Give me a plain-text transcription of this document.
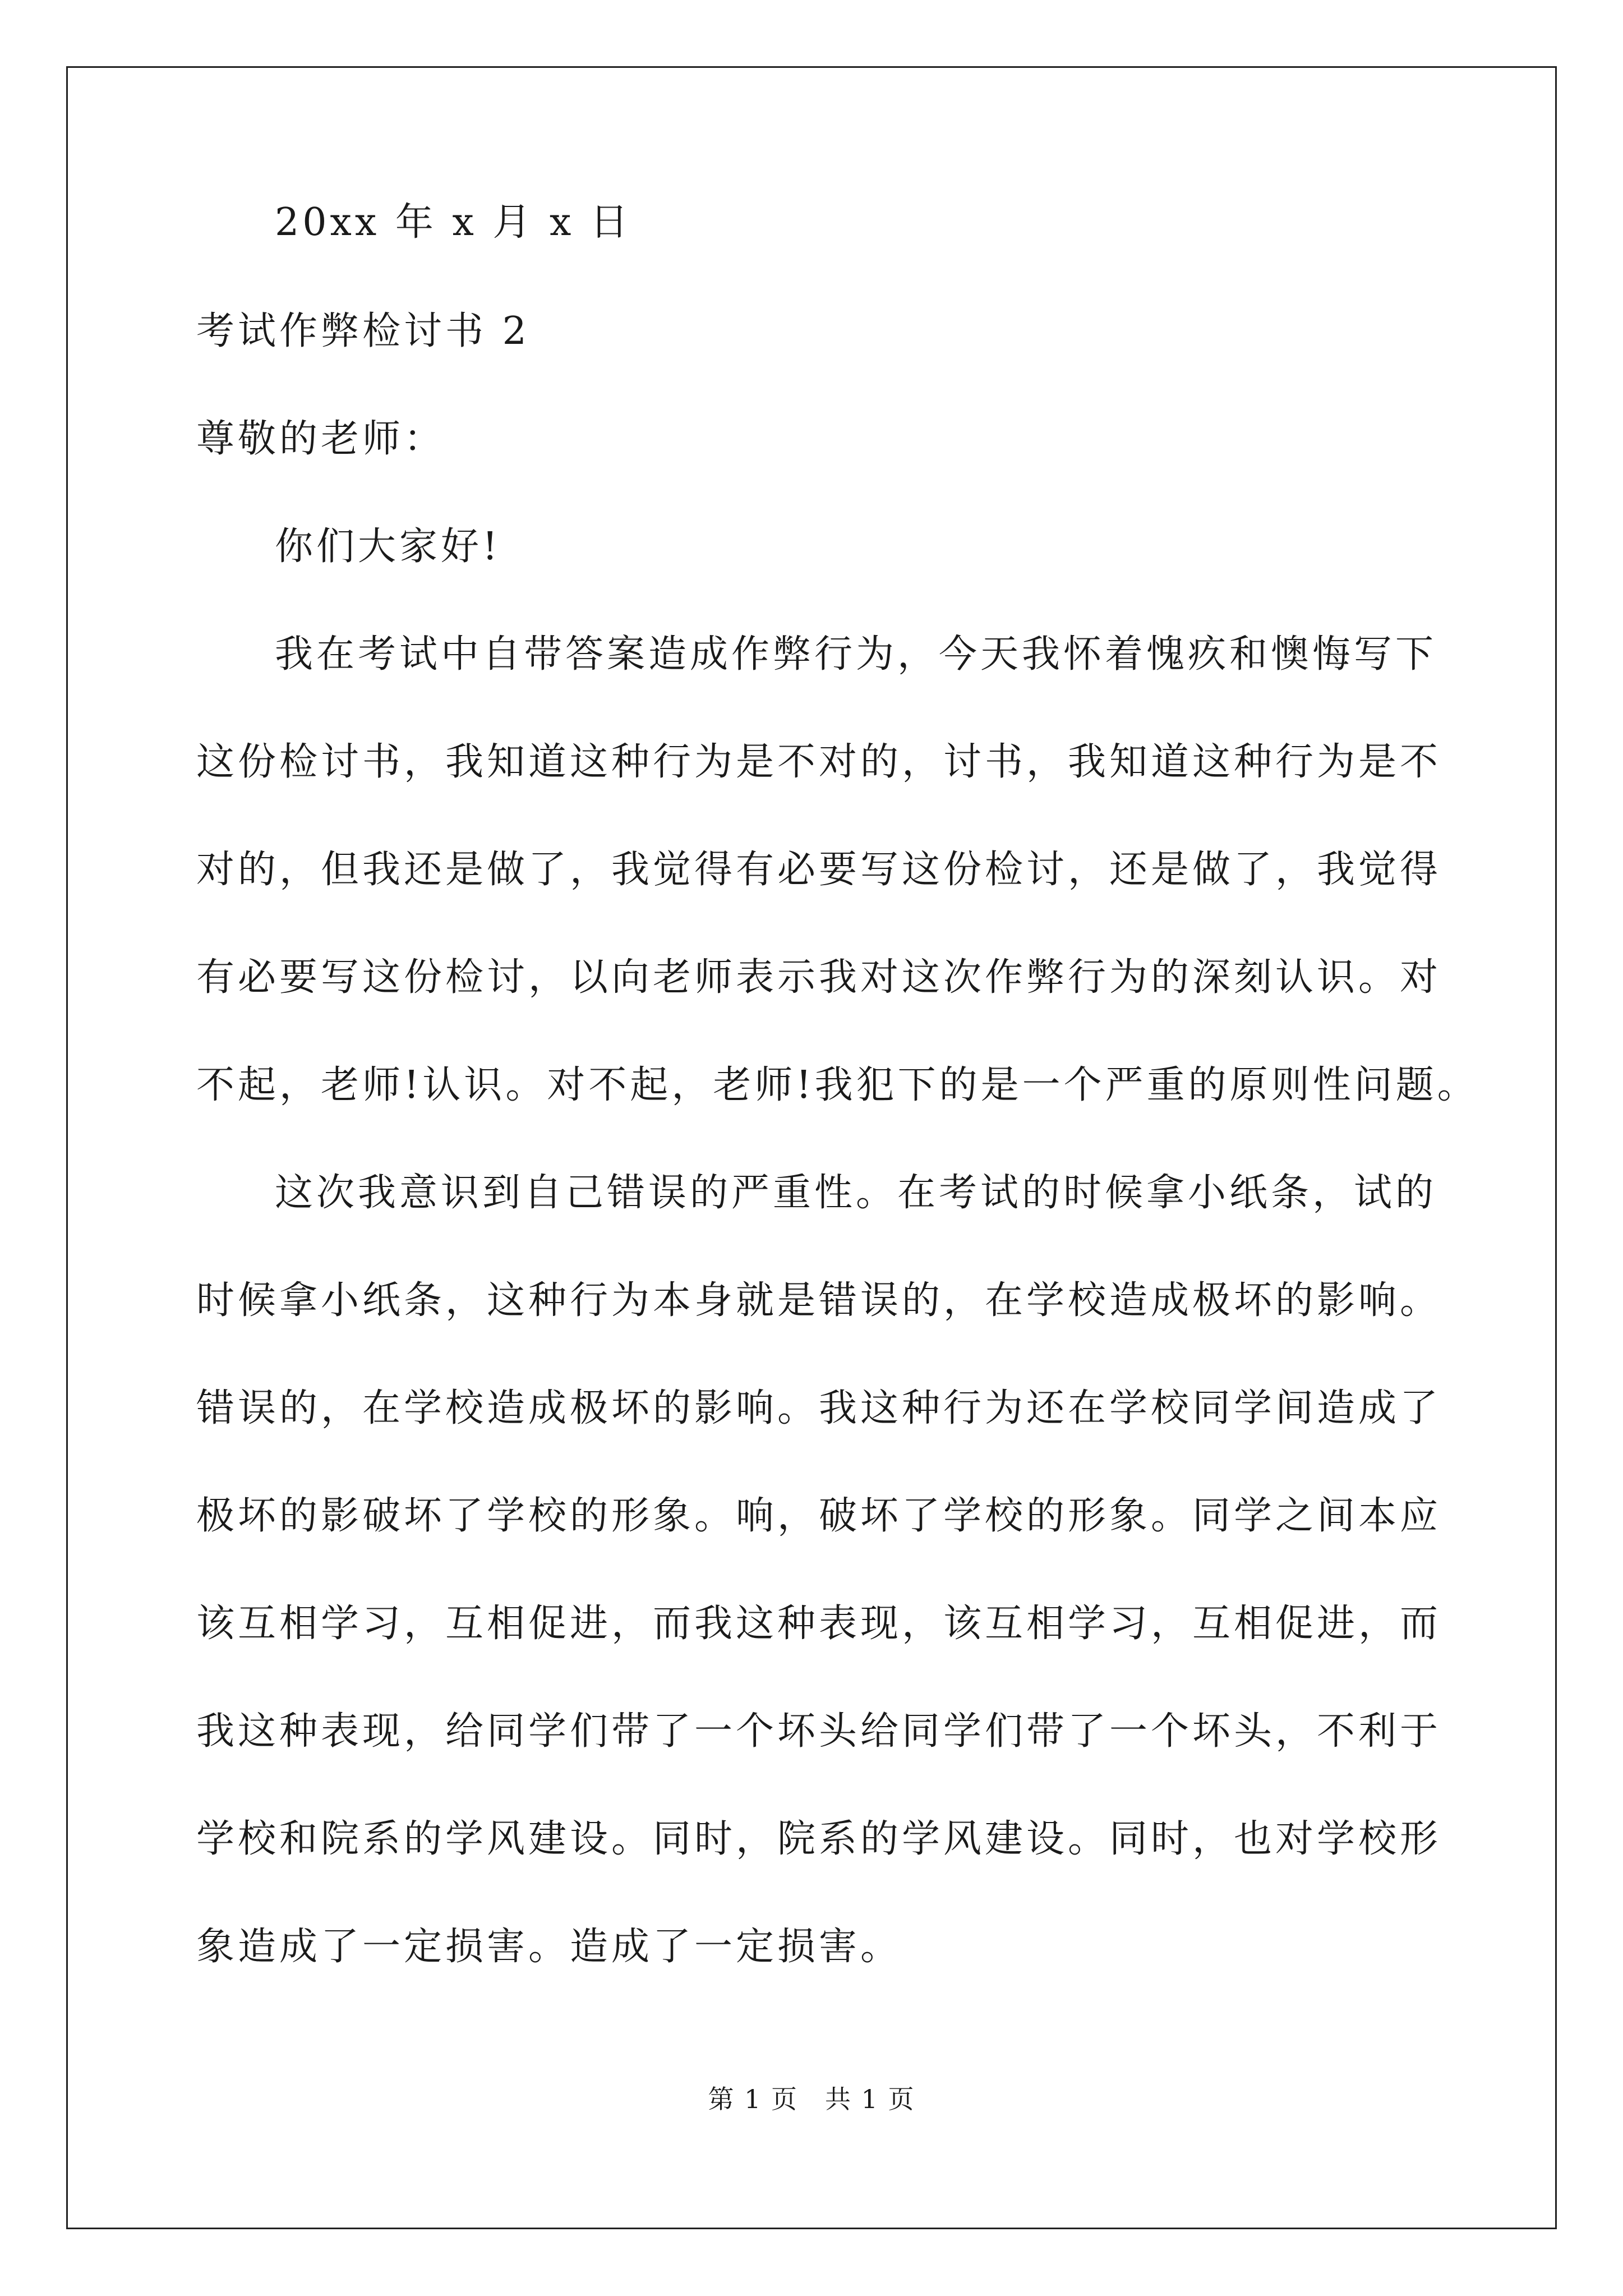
20xx 年 x 月 x 日
考试作弊检讨书 2
尊敬的老师：
你们大家好!
我在考试中自带答案造成作弊行为，今天我怀着愧疚和懊悔写下
这份检讨书，我知道这种行为是不对的，讨书，我知道这种行为是不
对的，但我还是做了，我觉得有必要写这份检讨，还是做了，我觉得
有必要写这份检讨，以向老师表示我对这次作弊行为的深刻认识。对
不起，老师!认识。对不起，老师!我犯下的是一个严重的原则性问题。
这次我意识到自己错误的严重性。在考试的时候拿小纸条，试的
时候拿小纸条，这种行为本身就是错误的，在学校造成极坏的影响。
错误的，在学校造成极坏的影响。我这种行为还在学校同学间造成了
极坏的影破坏了学校的形象。响，破坏了学校的形象。同学之间本应
该互相学习，互相促进，而我这种表现，该互相学习，互相促进，而
我这种表现，给同学们带了一个坏头给同学们带了一个坏头，不利于
学校和院系的学风建设。同时，院系的学风建设。同时，也对学校形
象造成了一定损害。造成了一定损害。
第 1 页 共 1 页
